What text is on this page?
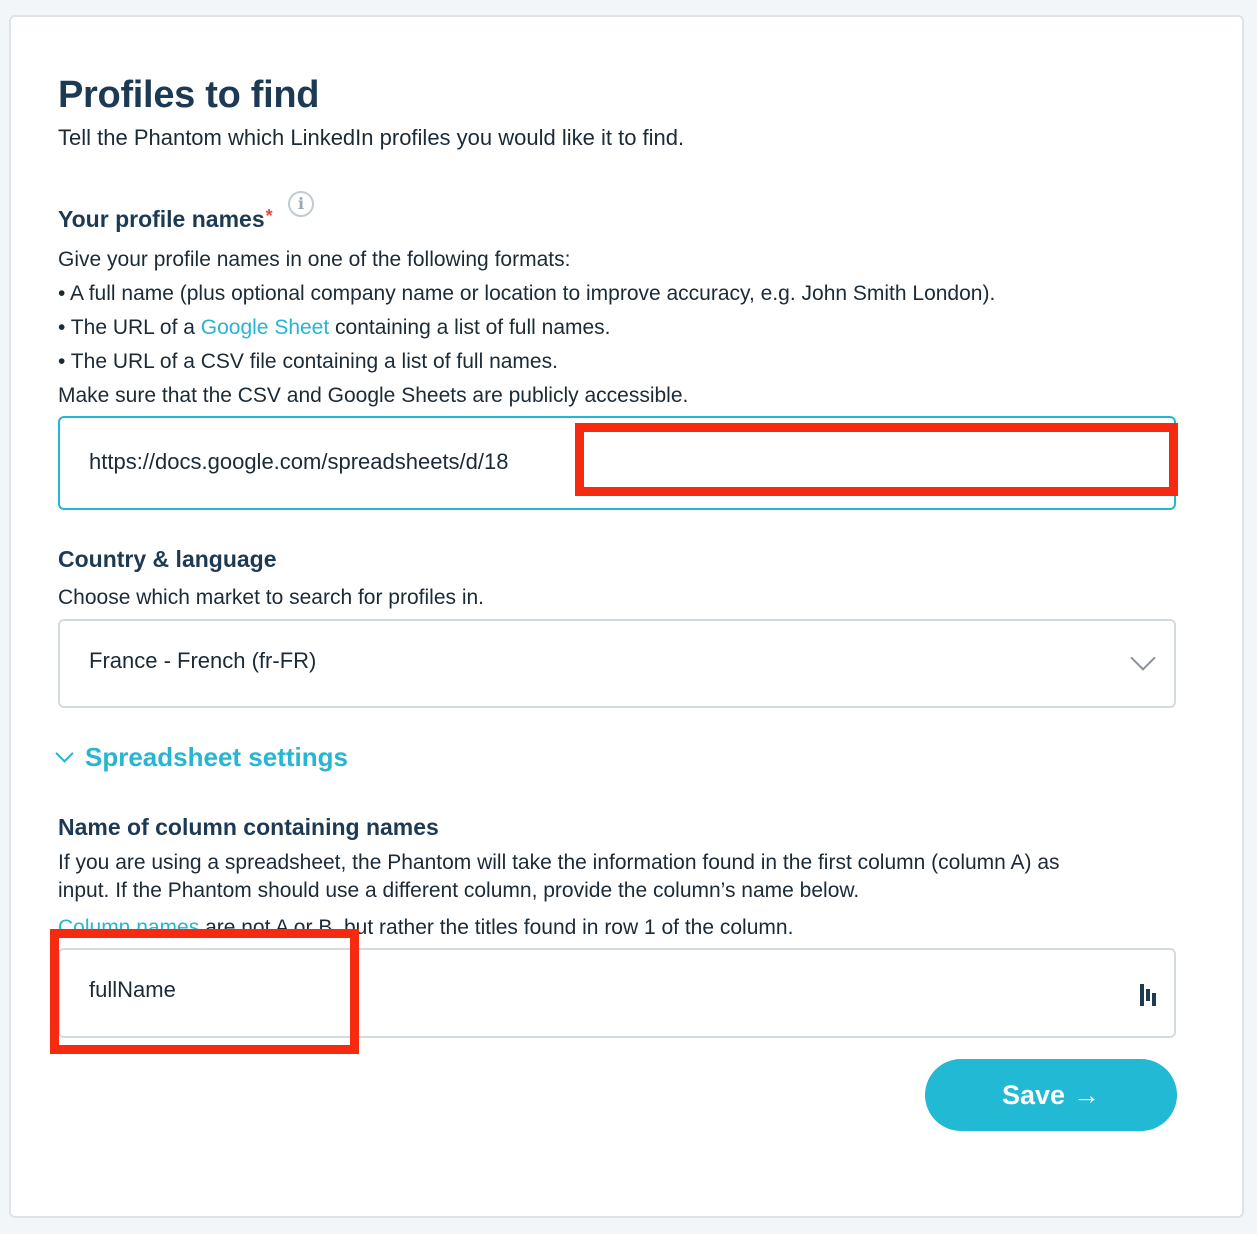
Profiles to find
Tell the Phantom which LinkedIn profiles you would like it to find.
Your profile names*
i

Give your profile names in one of the following formats:

• A full name (plus optional company name or location to improve accuracy, e.g. John Smith London).

• The URL of a Google Sheet containing a list of full names.

• The URL of a CSV file containing a list of full names.

Make sure that the CSV and Google Sheets are publicly accessible.

https://docs.google.com/spreadsheets/d/18
Country & language
Choose which market to search for profiles in.
France - French (fr-FR)
Spreadsheet settings
Name of column containing names

If you are using a spreadsheet, the Phantom will take the information found in the first column (column A) as

input. If the Phantom should use a different column, provide the column’s name below.

Column names are not A or B, but rather the titles found in row 1 of the column.
fullName
Save →
